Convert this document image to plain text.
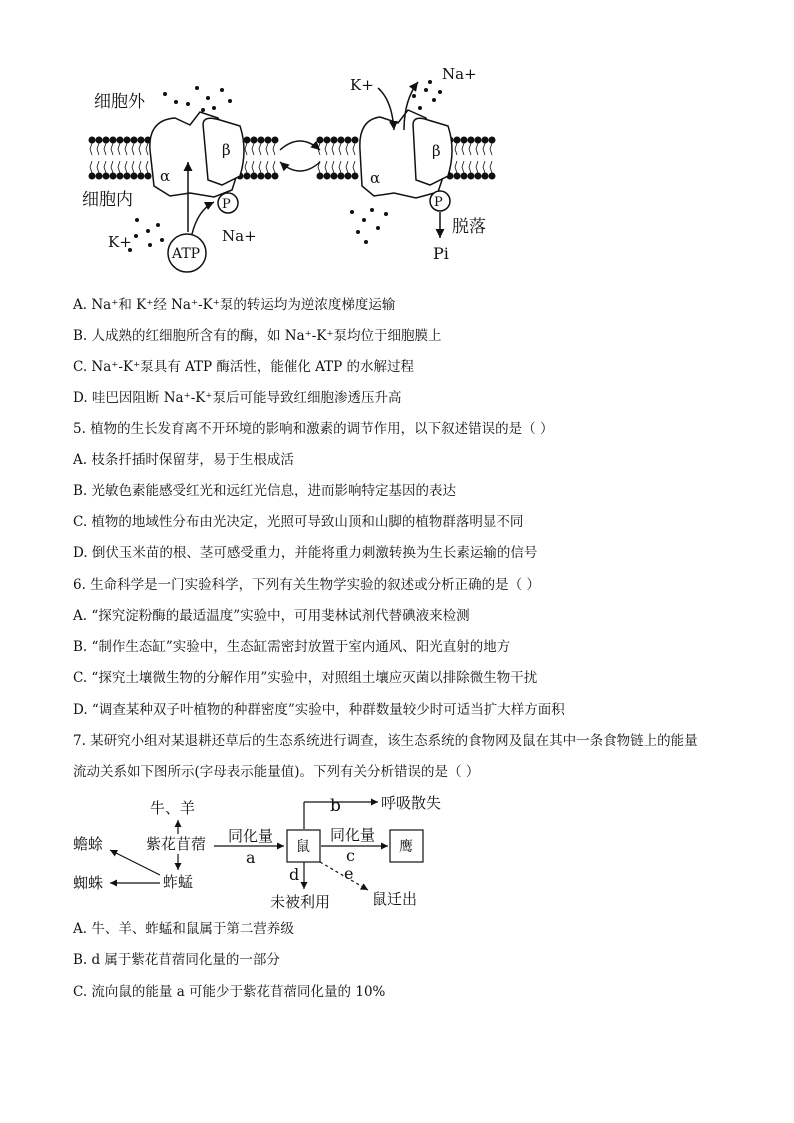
α
β
α
β
细胞外
细胞内
K+
ATP
P
Na+
K+
Na+
P
脱落
Pi
A. Na⁺和 K⁺经 Na⁺-K⁺泵的转运均为逆浓度梯度运输
B. 人成熟的红细胞所含有的酶，如 Na⁺-K⁺泵均位于细胞膜上
C. Na⁺-K⁺泵具有 ATP 酶活性，能催化 ATP 的水解过程
D. 哇巴因阻断 Na⁺-K⁺泵后可能导致红细胞渗透压升高
5. 植物的生长发育离不开环境的影响和激素的调节作用，以下叙述错误的是（ ）
A. 枝条扦插时保留芽，易于生根成活
B. 光敏色素能感受红光和远红光信息，进而影响特定基因的表达
C. 植物的地域性分布由光决定，光照可导致山顶和山脚的植物群落明显不同
D. 倒伏玉米苗的根、茎可感受重力，并能将重力刺激转换为生长素运输的信号
6. 生命科学是一门实验科学，下列有关生物学实验的叙述或分析正确的是（ ）
A. “探究淀粉酶的最适温度”实验中，可用斐林试剂代替碘液来检测
B. “制作生态缸”实验中，生态缸需密封放置于室内通风、阳光直射的地方
C. “探究土壤微生物的分解作用”实验中，对照组土壤应灭菌以排除微生物干扰
D. “调查某种双子叶植物的种群密度”实验中，种群数量较少时可适当扩大样方面积
7. 某研究小组对某退耕还草后的生态系统进行调查，该生态系统的食物网及鼠在其中一条食物链上的能量
流动关系如下图所示(字母表示能量值)。下列有关分析错误的是（ ）
牛、羊
紫花苜蓿
蟾蜍
蜘蛛	蚱蜢
同化量
a
鼠
b	呼吸散失
同化量
c	鹰
d
未被利用
e
鼠迁出
A. 牛、羊、蚱蜢和鼠属于第二营养级
B. d 属于紫花苜蓿同化量的一部分
C. 流向鼠的能量 a 可能少于紫花苜蓿同化量的 10%
